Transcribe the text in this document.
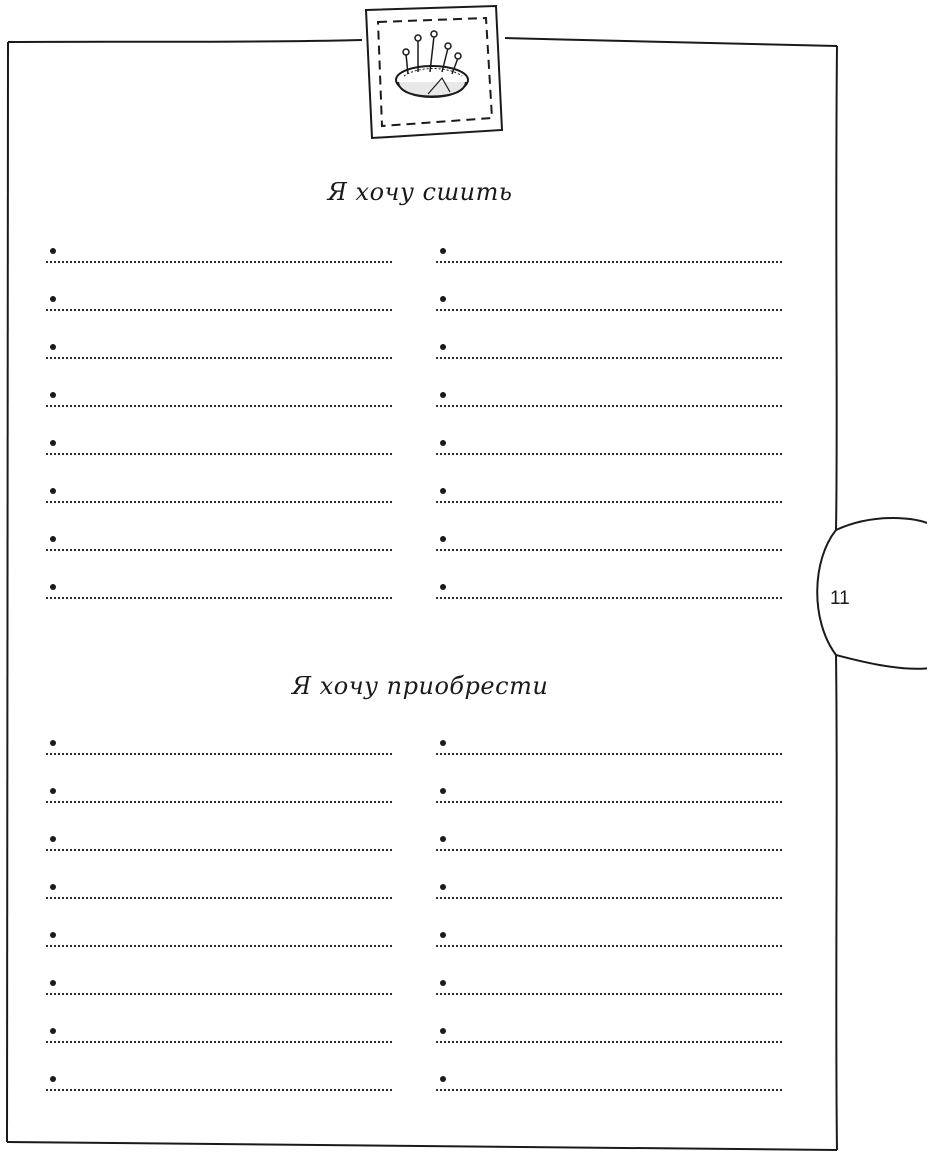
Я хочу сшить
Я хочу приобрести
11
